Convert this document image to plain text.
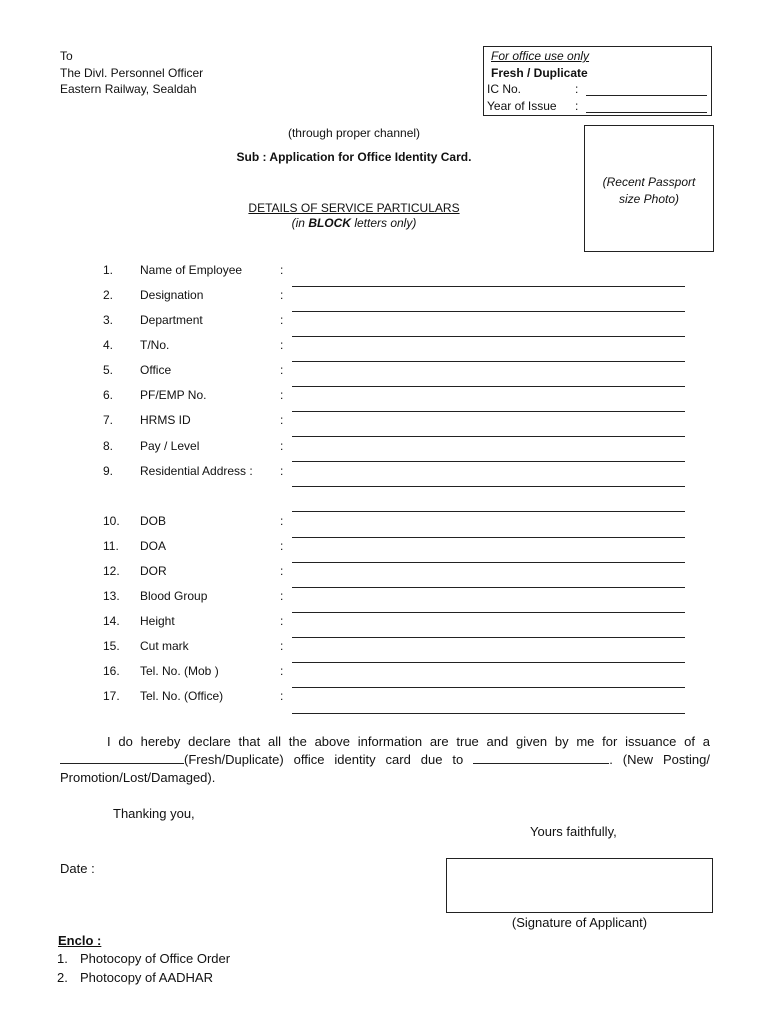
To
The Divl. Personnel Officer
Eastern Railway, Sealdah
For office use only
Fresh / Duplicate
IC No.	:
Year of Issue :
(Recent Passport size Photo)
(through proper channel)
Sub : Application for Office Identity Card.
DETAILS OF SERVICE PARTICULARS
(in BLOCK letters only)
1.	Name of Employee	:
2.	Designation	:
3.	Department	:
4.	T/No.	:
5.	Office	:
6.	PF/EMP No.	:
7.	HRMS ID	:
8.	Pay / Level	:
9.	Residential Address : :
10.	DOB	:
11.	DOA	:
12.	DOR	:
13.	Blood Group	:
14.	Height	:
15.	Cut mark	:
16.	Tel. No. (Mob )	:
17.	Tel. No. (Office)	:
I do hereby declare that all the above information are true and given by me for issuance of a (Fresh/Duplicate) office identity card due to	. (New Posting/ Promotion/Lost/Damaged).
Thanking you,
Yours faithfully,
Date :
(Signature of Applicant)
Enclo :
1. Photocopy of Office Order
2. Photocopy of AADHAR
